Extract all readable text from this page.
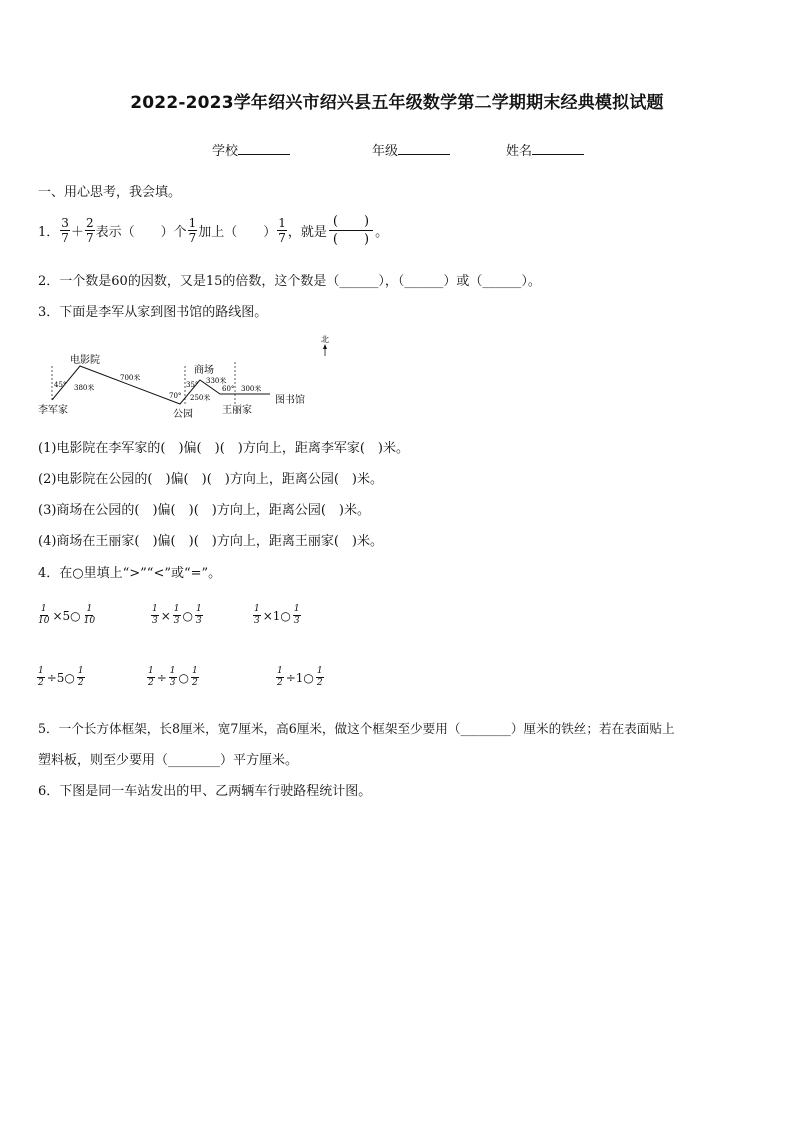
2022-2023学年绍兴市绍兴县五年级数学第二学期期末经典模拟试题
学校	年级	姓名
一、用心思考，我会填。
1． $\frac{3}{7} + \frac{2}{7}$ 表示（　　）个 $\frac{1}{7}$ 加上（　　） $\frac{1}{7}$ ，就是 $\frac{( )}{( )}$ 。
2．一个数是60的因数，又是15的倍数，这个数是（______），（______）或（______）。
3．下面是李军从家到图书馆的路线图。
北
李军家
电影院
公园
商场
王丽家
图书馆
45° 380米
700米
70°
35°
250米
330米
60° 300米
(1)电影院在李军家的(　)偏(　)(　)方向上，距离李军家(　)米。
(2)电影院在公园的(　)偏(　)(　)方向上，距离公园(　)米。
(3)商场在公园的(　)偏(　)(　)方向上，距离公园(　)米。
(4)商场在王丽家(　)偏(　)(　)方向上，距离王丽家(　)米。
4．在○里填上“>”“<”或“=”。
$\frac{1}{10}$ ×5○ $\frac{1}{10}$	$\frac{1}{3} \times \frac{1}{3}$ ○ $\frac{1}{3}$	$\frac{1}{3}$ ×1○ $\frac{1}{3}$
$\frac{1}{2}$ ÷5○ $\frac{1}{2}$	$\frac{1}{2} \div \frac{1}{3}$ ○ $\frac{1}{2}$	$\frac{1}{2}$ ÷1○ $\frac{1}{2}$
5．一个长方体框架，长8厘米，宽7厘米，高6厘米，做这个框架至少要用（________）厘米的铁丝；若在表面贴上
塑料板，则至少要用（________）平方厘米。
6．下图是同一车站发出的甲、乙两辆车行驶路程统计图。
